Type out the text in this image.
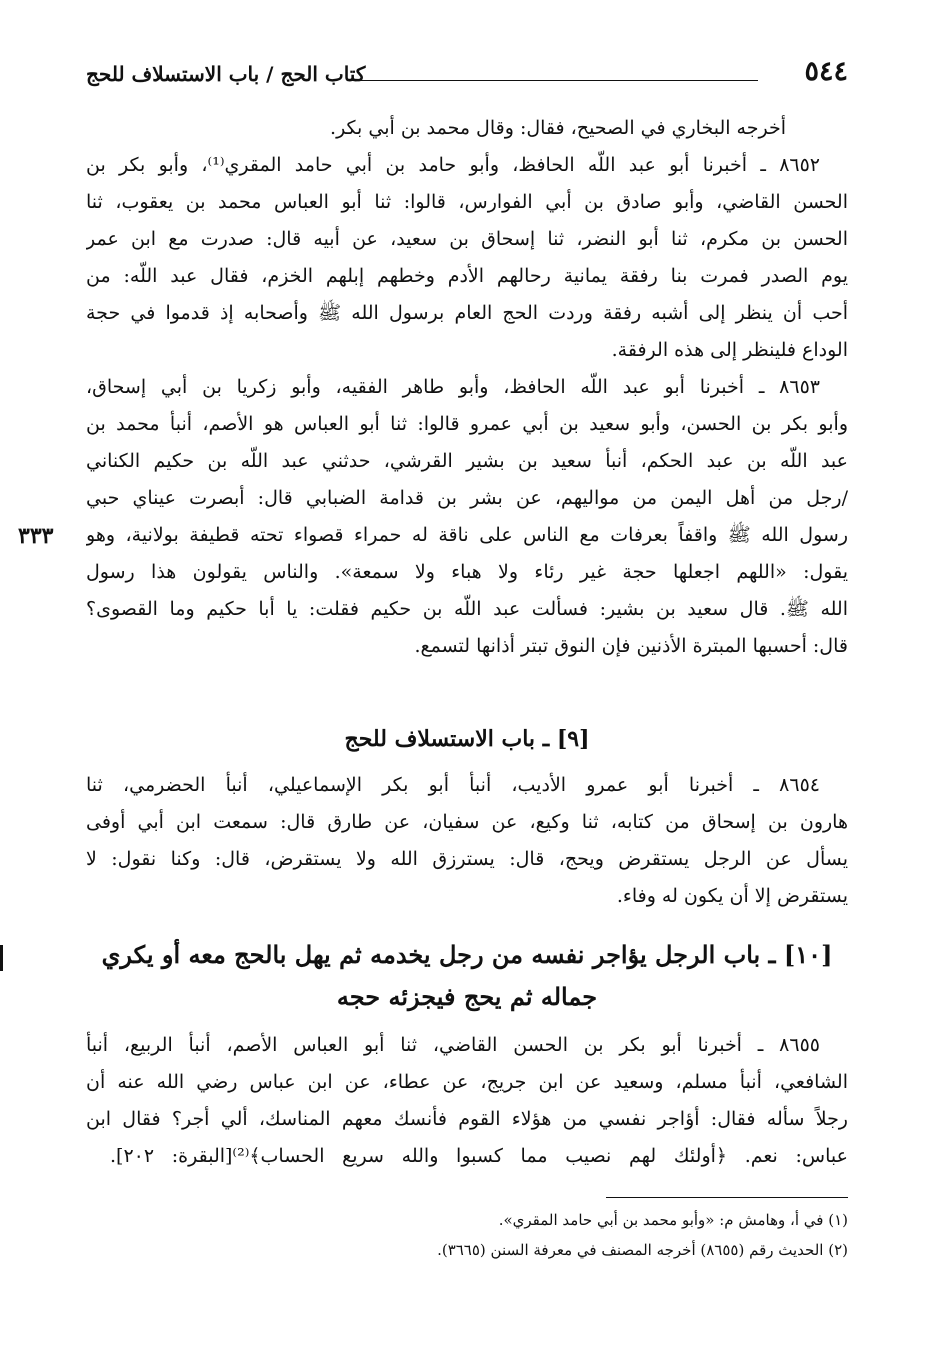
٥٤٤
كتاب الحج / باب الاستسلاف للحج
أخرجه البخاري في الصحيح، فقال: وقال محمد بن أبي بكر.
٨٦٥٢ ـ أخبرنا أبو عبد اللّه الحافظ، وأبو حامد بن أبي حامد المقري⁽¹⁾، وأبو بكر بن
الحسن القاضي، وأبو صادق بن أبي الفوارس، قالوا: ثنا أبو العباس محمد بن يعقوب، ثنا
الحسن بن مكرم، ثنا أبو النضر، ثنا إسحاق بن سعيد، عن أبيه قال: صدرت مع ابن عمر
يوم الصدر فمرت بنا رفقة يمانية رحالهم الأدم وخطهم إبلهم الخزم، فقال عبد اللّه: من
أحب أن ينظر إلى أشبه رفقة وردت الحج العام برسول الله ﷺ وأصحابه إذ قدموا في حجة
الوداع فلينظر إلى هذه الرفقة.
٨٦٥٣ ـ أخبرنا أبو عبد اللّه الحافظ، وأبو طاهر الفقيه، وأبو زكريا بن أبي إسحاق،
وأبو بكر بن الحسن، وأبو سعيد بن أبي عمرو قالوا: ثنا أبو العباس هو الأصم، أنبأ محمد بن
عبد اللّه بن عبد الحكم، أنبأ سعيد بن بشير القرشي، حدثني عبد اللّه بن حكيم الكناني
/رجل من أهل اليمن من مواليهم، عن بشر بن قدامة الضبابي قال: أبصرت عيناي حبي
رسول الله ﷺ واقفاً بعرفات مع الناس على ناقة له حمراء قصواء تحته قطيفة بولانية، وهو
يقول: «اللهم اجعلها حجة غير رئاء ولا هباء ولا سمعة». والناس يقولون هذا رسول
الله ﷺ. قال سعيد بن بشير: فسألت عبد اللّه بن حكيم فقلت: يا أبا حكيم وما القصوى؟
قال: أحسبها المبترة الأذنين فإن النوق تبتر أذانها لتسمع.
٣٣٣
[٩] ـ باب الاستسلاف للحج
٨٦٥٤ ـ أخبرنا أبو عمرو الأديب، أنبأ أبو بكر الإسماعيلي، أنبأ الحضرمي، ثنا
هارون بن إسحاق من كتابه، ثنا وكيع، عن سفيان، عن طارق قال: سمعت ابن أبي أوفى
يسأل عن الرجل يستقرض ويحج، قال: يسترزق الله ولا يستقرض، قال: وكنا نقول: لا
يستقرض إلا أن يكون له وفاء.
[١٠] ـ باب الرجل يؤاجر نفسه من رجل يخدمه ثم يهل بالحج معه أو يكري
جماله ثم يحج فيجزئه حجه
٨٦٥٥ ـ أخبرنا أبو بكر بن الحسن القاضي، ثنا أبو العباس الأصم، أنبأ الربيع، أنبأ
الشافعي، أنبأ مسلم، وسعيد عن ابن جريج، عن عطاء، عن ابن عباس رضي الله عنه أن
رجلاً سأله فقال: أؤاجر نفسي من هؤلاء القوم فأنسك معهم المناسك، ألي أجر؟ فقال ابن
عباس: نعم. ﴿أولئك لهم نصيب مما كسبوا والله سريع الحساب﴾⁽²⁾[البقرة: ٢٠٢].
(١) في أ، وهامش م: «وأبو محمد بن أبي حامد المقري».
(٢) الحديث رقم (٨٦٥٥) أخرجه المصنف في معرفة السنن (٣٦٦٥).
